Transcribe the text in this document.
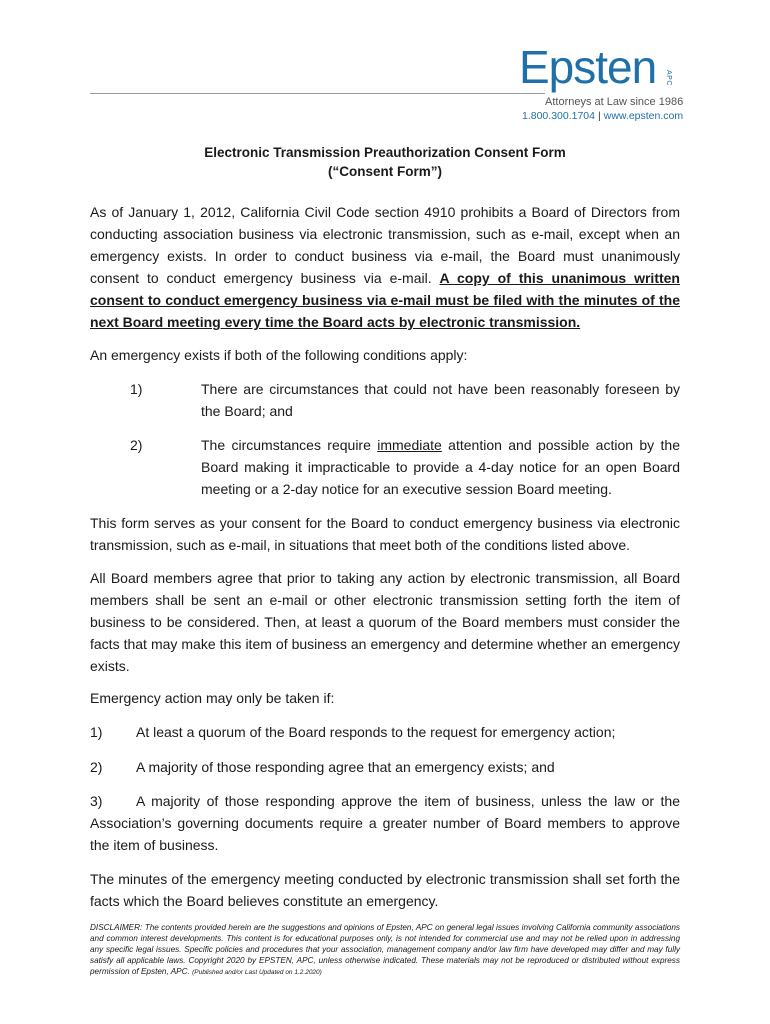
Epsten APC
Attorneys at Law since 1986
1.800.300.1704 | www.epsten.com
Electronic Transmission Preauthorization Consent Form
(“Consent Form”)

As of January 1, 2012, California Civil Code section 4910 prohibits a Board of Directors from conducting association business via electronic transmission, such as e-mail, except when an emergency exists. In order to conduct business via e-mail, the Board must unanimously consent to conduct emergency business via e-mail. A copy of this unanimous written consent to conduct emergency business via e-mail must be filed with the minutes of the next Board meeting every time the Board acts by electronic transmission.

An emergency exists if both of the following conditions apply:

1)	There are circumstances that could not have been reasonably foreseen by the Board; and

2)	The circumstances require immediate attention and possible action by the Board making it impracticable to provide a 4-day notice for an open Board meeting or a 2-day notice for an executive session Board meeting.

This form serves as your consent for the Board to conduct emergency business via electronic transmission, such as e-mail, in situations that meet both of the conditions listed above.

All Board members agree that prior to taking any action by electronic transmission, all Board members shall be sent an e-mail or other electronic transmission setting forth the item of business to be considered. Then, at least a quorum of the Board members must consider the facts that may make this item of business an emergency and determine whether an emergency exists.

Emergency action may only be taken if:

1) At least a quorum of the Board responds to the request for emergency action;

2) A majority of those responding agree that an emergency exists; and

3) A majority of those responding approve the item of business, unless the law or the Association’s governing documents require a greater number of Board members to approve the item of business.

The minutes of the emergency meeting conducted by electronic transmission shall set forth the facts which the Board believes constitute an emergency.

DISCLAIMER: The contents provided herein are the suggestions and opinions of Epsten, APC on general legal issues involving California community associations and common interest developments. This content is for educational purposes only, is not intended for commercial use and may not be relied upon in addressing any specific legal issues. Specific policies and procedures that your association, management company and/or law firm have developed may differ and may fully satisfy all applicable laws. Copyright 2020 by EPSTEN, APC, unless otherwise indicated. These materials may not be reproduced or distributed without express permission of Epsten, APC. (Published and/or Last Updated on 1.2.2020)
